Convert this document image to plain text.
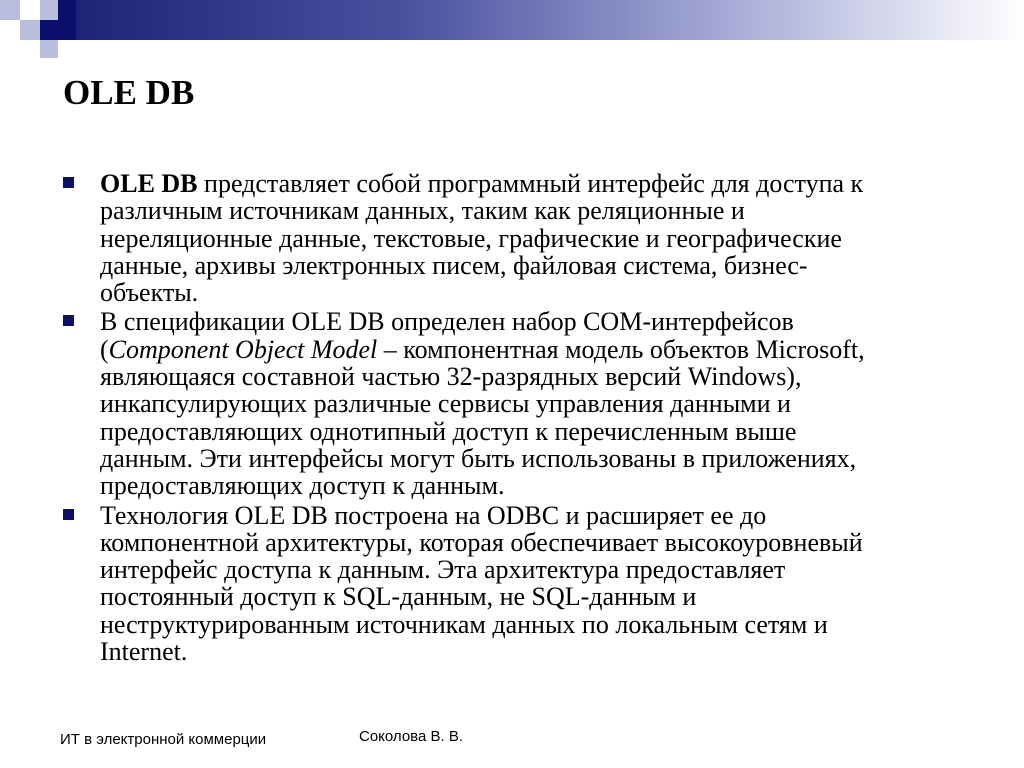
OLE DB
OLE DB представляет собой программный интерфейс для доступа к
различным источникам данных, таким как реляционные и
нереляционные данные, текстовые, графические и географические
данные, архивы электронных писем, файловая система, бизнес-
объекты.
В спецификации OLE DB определен набор COM-интерфейсов
(Component Object Model – компонентная модель объектов Microsoft,
являющаяся составной частью 32-разрядных версий Windows),
инкапсулирующих различные сервисы управления данными и
предоставляющих однотипный доступ к перечисленным выше
данным. Эти интерфейсы могут быть использованы в приложениях,
предоставляющих доступ к данным.
Технология OLE DB построена на ODBC и расширяет ее до
компонентной архитектуры, которая обеспечивает высокоуровневый
интерфейс доступа к данным. Эта архитектура предоставляет
постоянный доступ к SQL-данным, не SQL-данным и
неструктурированным источникам данных по локальным сетям и
Internet.
ИТ в электронной коммерции	Соколова В. В.
